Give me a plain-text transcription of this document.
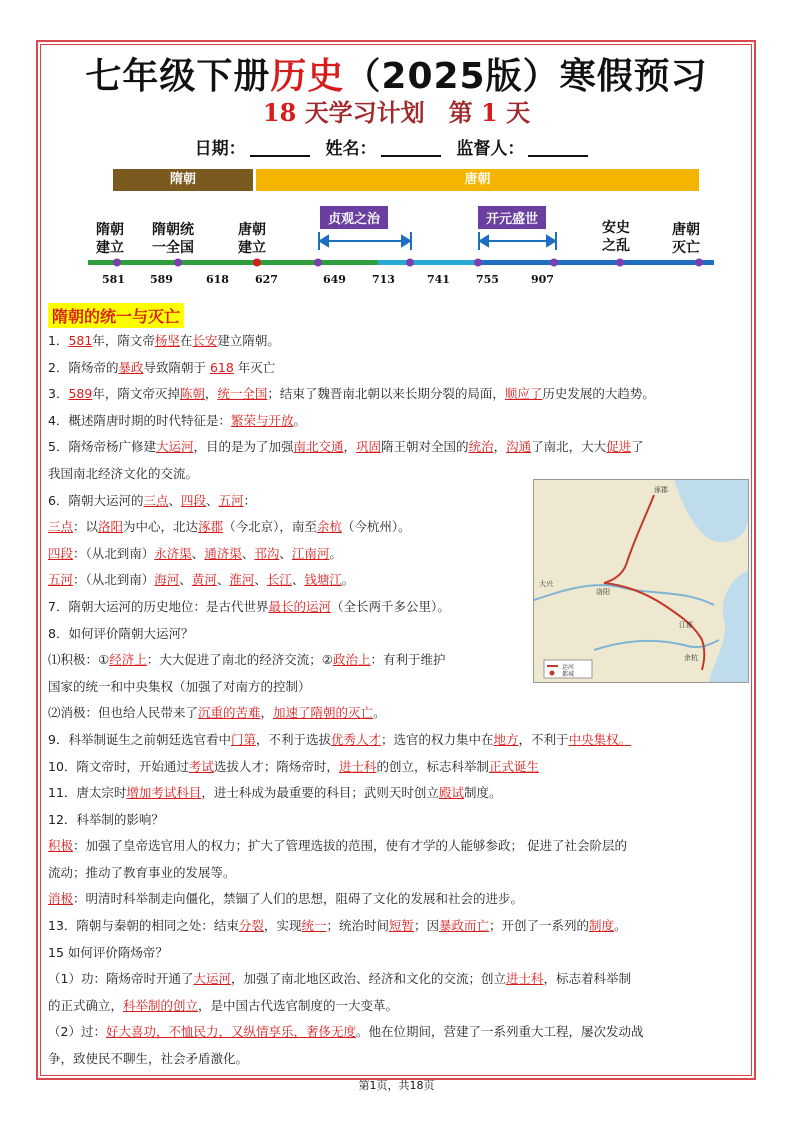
七年级下册历史（2025版）寒假预习
18 天学习计划　第 1 天
日期：	姓名：	监督人：
隋朝	唐朝
隋朝
建立
隋朝统
一全国
唐朝
建立
安史
之乱
唐朝
灭亡
贞观之治	开元盛世
581 589	618 627	649 713	741 755	907
隋朝的统一与灭亡
1．581年，隋文帝杨坚在长安建立隋朝。
2．隋炀帝的暴政导致隋朝于 618 年灭亡
3．589年，隋文帝灭掉陈朝，统一全国；结束了魏晋南北朝以来长期分裂的局面，顺应了历史发展的大趋势。
4．概述隋唐时期的时代特征是：繁荣与开放。
5．隋炀帝杨广修建大运河，目的是为了加强南北交通，巩固隋王朝对全国的统治，沟通了南北，大大促进了
我国南北经济文化的交流。
6．隋朝大运河的三点、四段、五河：
三点：以洛阳为中心，北达涿郡（今北京），南至余杭（今杭州）。
四段：（从北到南）永济渠、通济渠、邗沟、江南河。
五河：（从北到南）海河、黄河、淮河、长江、钱塘江。
7．隋朝大运河的历史地位：是古代世界最长的运河（全长两千多公里）。
8．如何评价隋朝大运河？
⑴积极：①经济上：大大促进了南北的经济交流；②政治上：有利于维护
国家的统一和中央集权（加强了对南方的控制）
⑵消极：但也给人民带来了沉重的苦难，加速了隋朝的灭亡。
9．科举制诞生之前朝廷选官看中门第，不利于选拔优秀人才；选官的权力集中在地方，不利于中央集权。
10．隋文帝时，开始通过考试选拔人才；隋炀帝时，进士科的创立，标志科举制正式诞生
11．唐太宗时增加考试科目，进士科成为最重要的科目；武则天时创立殿试制度。
12．科举制的影响？
积极：加强了皇帝选官用人的权力；扩大了管理选拔的范围，使有才学的人能够参政； 促进了社会阶层的
流动；推动了教育事业的发展等。
消极：明清时科举制走向僵化，禁锢了人们的思想，阻碍了文化的发展和社会的进步。
13．隋朝与秦朝的相同之处：结束分裂，实现统一；统治时间短暂；因暴政而亡；开创了一系列的制度。
15 如何评价隋炀帝？
（1）功：隋炀帝时开通了大运河，加强了南北地区政治、经济和文化的交流；创立进士科，标志着科举制
的正式确立，科举制的创立，是中国古代选官制度的一大变革。
（2）过：好大喜功，不恤民力，又纵情享乐，奢侈无度。他在位期间，营建了一系列重大工程，屡次发动战
争，致使民不聊生，社会矛盾激化。
涿郡
大兴
洛阳
江都
余杭
运河
都城
第1页，共18页
